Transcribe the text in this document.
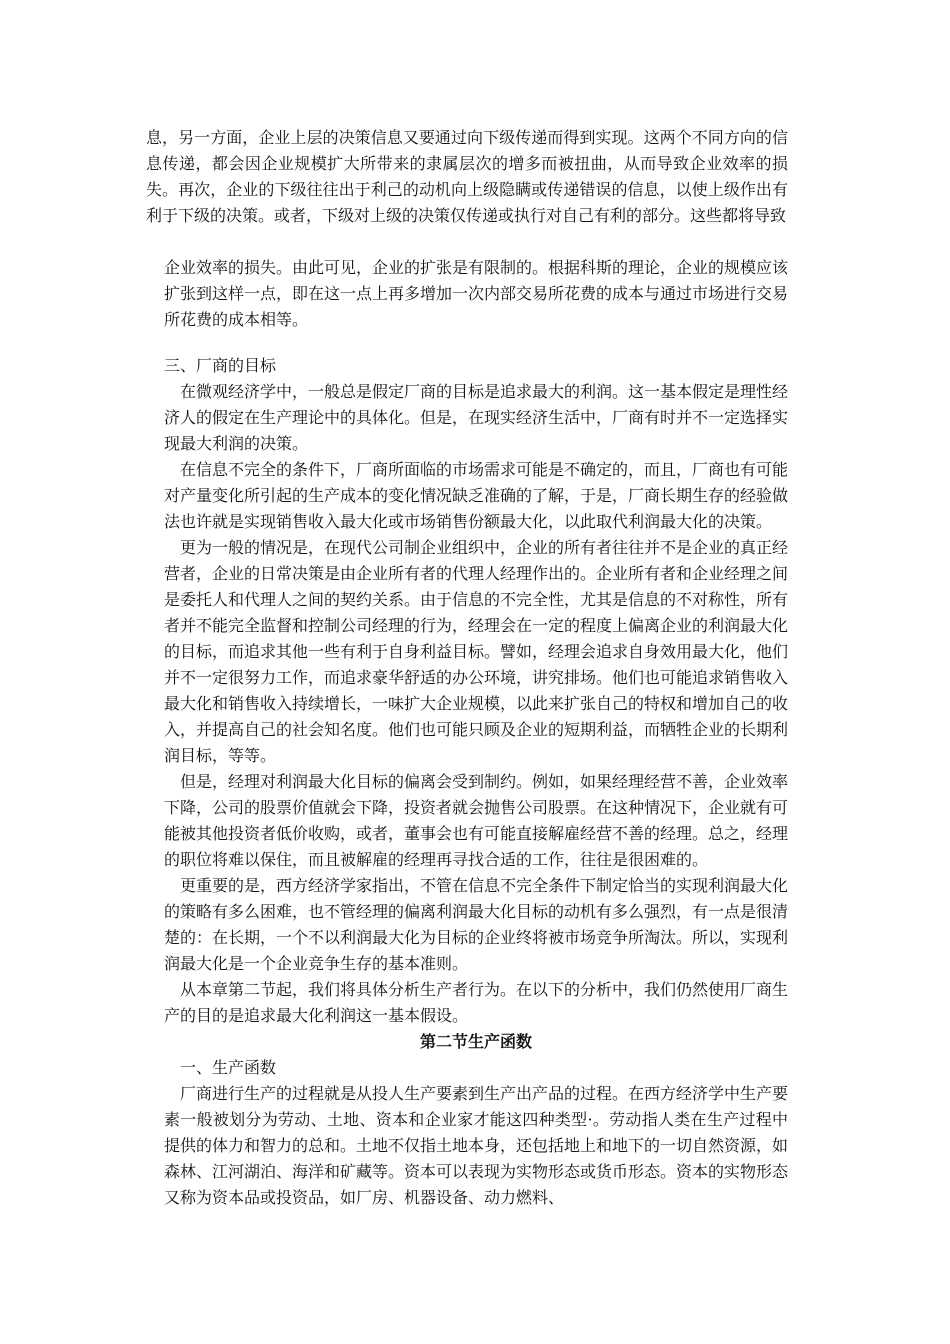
息，另一方面，企业上层的决策信息又要通过向下级传递而得到实现。这两个不同方向的信息传递，都会因企业规模扩大所带来的隶属层次的增多而被扭曲，从而导致企业效率的损失。再次，企业的下级往往出于利己的动机向上级隐瞒或传递错误的信息，以使上级作出有利于下级的决策。或者，下级对上级的决策仅传递或执行对自己有利的部分。这些都将导致

企业效率的损失。由此可见，企业的扩张是有限制的。根据科斯的理论，企业的规模应该扩张到这样一点，即在这一点上再多增加一次内部交易所花费的成本与通过市场进行交易所花费的成本相等。

三、厂商的目标

在微观经济学中，一般总是假定厂商的目标是追求最大的利润。这一基本假定是理性经济人的假定在生产理论中的具体化。但是，在现实经济生活中，厂商有时并不一定选择实现最大利润的决策。

在信息不完全的条件下，厂商所面临的市场需求可能是不确定的，而且，厂商也有可能对产量变化所引起的生产成本的变化情况缺乏准确的了解，于是，厂商长期生存的经验做法也许就是实现销售收入最大化或市场销售份额最大化，以此取代利润最大化的决策。

更为一般的情况是，在现代公司制企业组织中，企业的所有者往往并不是企业的真正经营者，企业的日常决策是由企业所有者的代理人经理作出的。企业所有者和企业经理之间是委托人和代理人之间的契约关系。由于信息的不完全性，尤其是信息的不对称性，所有者并不能完全监督和控制公司经理的行为，经理会在一定的程度上偏离企业的利润最大化的目标，而追求其他一些有利于自身利益目标。譬如，经理会追求自身效用最大化，他们并不一定很努力工作，而追求豪华舒适的办公环境，讲究排场。他们也可能追求销售收入最大化和销售收入持续增长，一味扩大企业规模，以此来扩张自己的特权和增加自己的收入，并提高自己的社会知名度。他们也可能只顾及企业的短期利益，而牺牲企业的长期利润目标，等等。

但是，经理对利润最大化目标的偏离会受到制约。例如，如果经理经营不善，企业效率下降，公司的股票价值就会下降，投资者就会抛售公司股票。在这种情况下，企业就有可能被其他投资者低价收购，或者，董事会也有可能直接解雇经营不善的经理。总之，经理的职位将难以保住，而且被解雇的经理再寻找合适的工作，往往是很困难的。

更重要的是，西方经济学家指出，不管在信息不完全条件下制定恰当的实现利润最大化的策略有多么困难，也不管经理的偏离利润最大化目标的动机有多么强烈，有一点是很清楚的：在长期，一个不以利润最大化为目标的企业终将被市场竞争所淘汰。所以，实现利润最大化是一个企业竞争生存的基本准则。

从本章第二节起，我们将具体分析生产者行为。在以下的分析中，我们仍然使用厂商生产的目的是追求最大化利润这一基本假设。

第二节生产函数

一、生产函数

厂商进行生产的过程就是从投人生产要素到生产出产品的过程。在西方经济学中生产要素一般被划分为劳动、土地、资本和企业家才能这四种类型·。劳动指人类在生产过程中提供的体力和智力的总和。土地不仅指土地本身，还包括地上和地下的一切自然资源，如森林、江河湖泊、海洋和矿藏等。资本可以表现为实物形态或货币形态。资本的实物形态又称为资本品或投资品，如厂房、机器设备、动力燃料、
